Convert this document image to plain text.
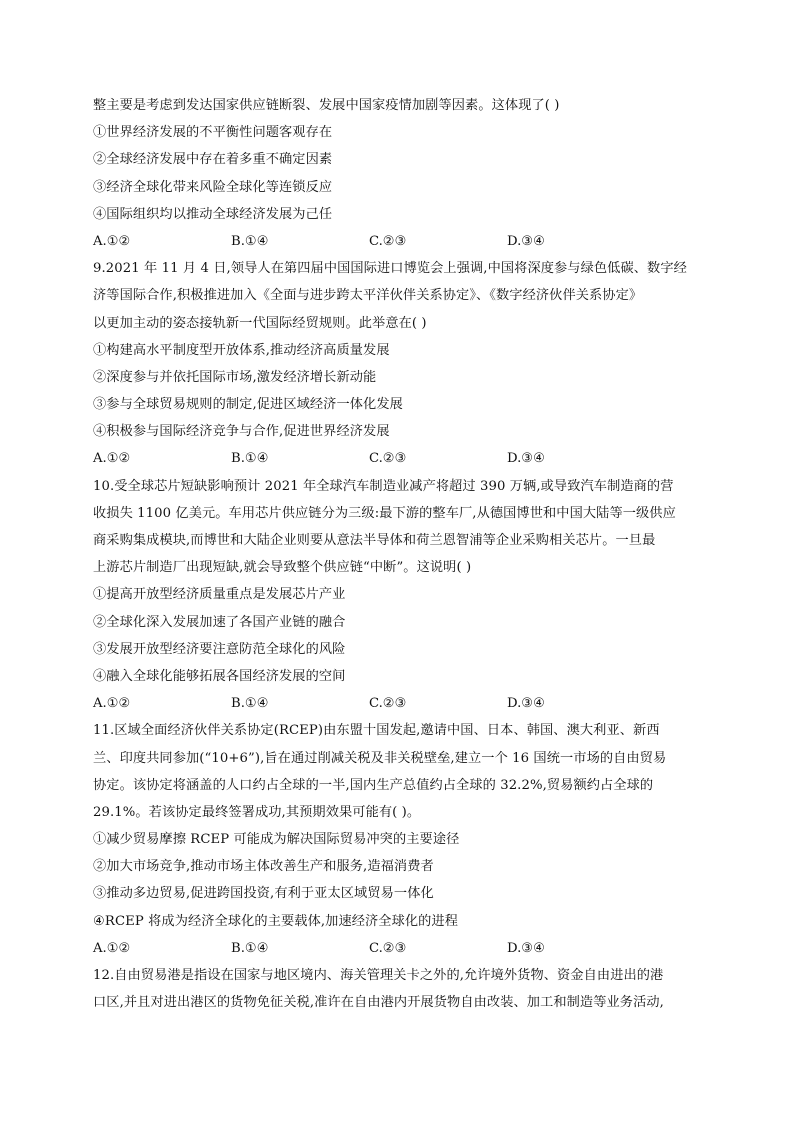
整主要是考虑到发达国家供应链断裂、发展中国家疫情加剧等因素。这体现了( )
①世界经济发展的不平衡性问题客观存在
②全球经济发展中存在着多重不确定因素
③经济全球化带来风险全球化等连锁反应
④国际组织均以推动全球经济发展为己任
A.①②	B.①④	C.②③	D.③④
9.2021 年 11 月 4 日,领导人在第四届中国国际进口博览会上强调,中国将深度参与绿色低碳、数字经
济等国际合作,积极推进加入《全面与进步跨太平洋伙伴关系协定》、《数字经济伙伴关系协定》
以更加主动的姿态接轨新一代国际经贸规则。此举意在( )
①构建高水平制度型开放体系,推动经济高质量发展
②深度参与并依托国际市场,激发经济增长新动能
③参与全球贸易规则的制定,促进区域经济一体化发展
④积极参与国际经济竞争与合作,促进世界经济发展
A.①②	B.①④	C.②③	D.③④
10.受全球芯片短缺影响预计 2021 年全球汽车制造业减产将超过 390 万辆,或导致汽车制造商的营
收损失 1100 亿美元。车用芯片供应链分为三级:最下游的整车厂,从德国博世和中国大陆等一级供应
商采购集成模块,而博世和大陆企业则要从意法半导体和荷兰恩智浦等企业采购相关芯片。一旦最
上游芯片制造厂出现短缺,就会导致整个供应链“中断”。这说明( )
①提高开放型经济质量重点是发展芯片产业
②全球化深入发展加速了各国产业链的融合
③发展开放型经济要注意防范全球化的风险
④融入全球化能够拓展各国经济发展的空间
A.①②	B.①④	C.②③	D.③④
11.区域全面经济伙伴关系协定(RCEP)由东盟十国发起,邀请中国、日本、韩国、澳大利亚、新西
兰、印度共同参加(“10+6”),旨在通过削减关税及非关税壁垒,建立一个 16 国统一市场的自由贸易
协定。该协定将涵盖的人口约占全球的一半,国内生产总值约占全球的 32.2%,贸易额约占全球的
29.1%。若该协定最终签署成功,其预期效果可能有( )。
①减少贸易摩擦 RCEP 可能成为解决国际贸易冲突的主要途径
②加大市场竞争,推动市场主体改善生产和服务,造福消费者
③推动多边贸易,促进跨国投资,有利于亚太区域贸易一体化
④RCEP 将成为经济全球化的主要载体,加速经济全球化的进程
A.①②	B.①④	C.②③	D.③④
12.自由贸易港是指设在国家与地区境内、海关管理关卡之外的,允许境外货物、资金自由进出的港
口区,并且对进出港区的货物免征关税,准许在自由港内开展货物自由改装、加工和制造等业务活动,
